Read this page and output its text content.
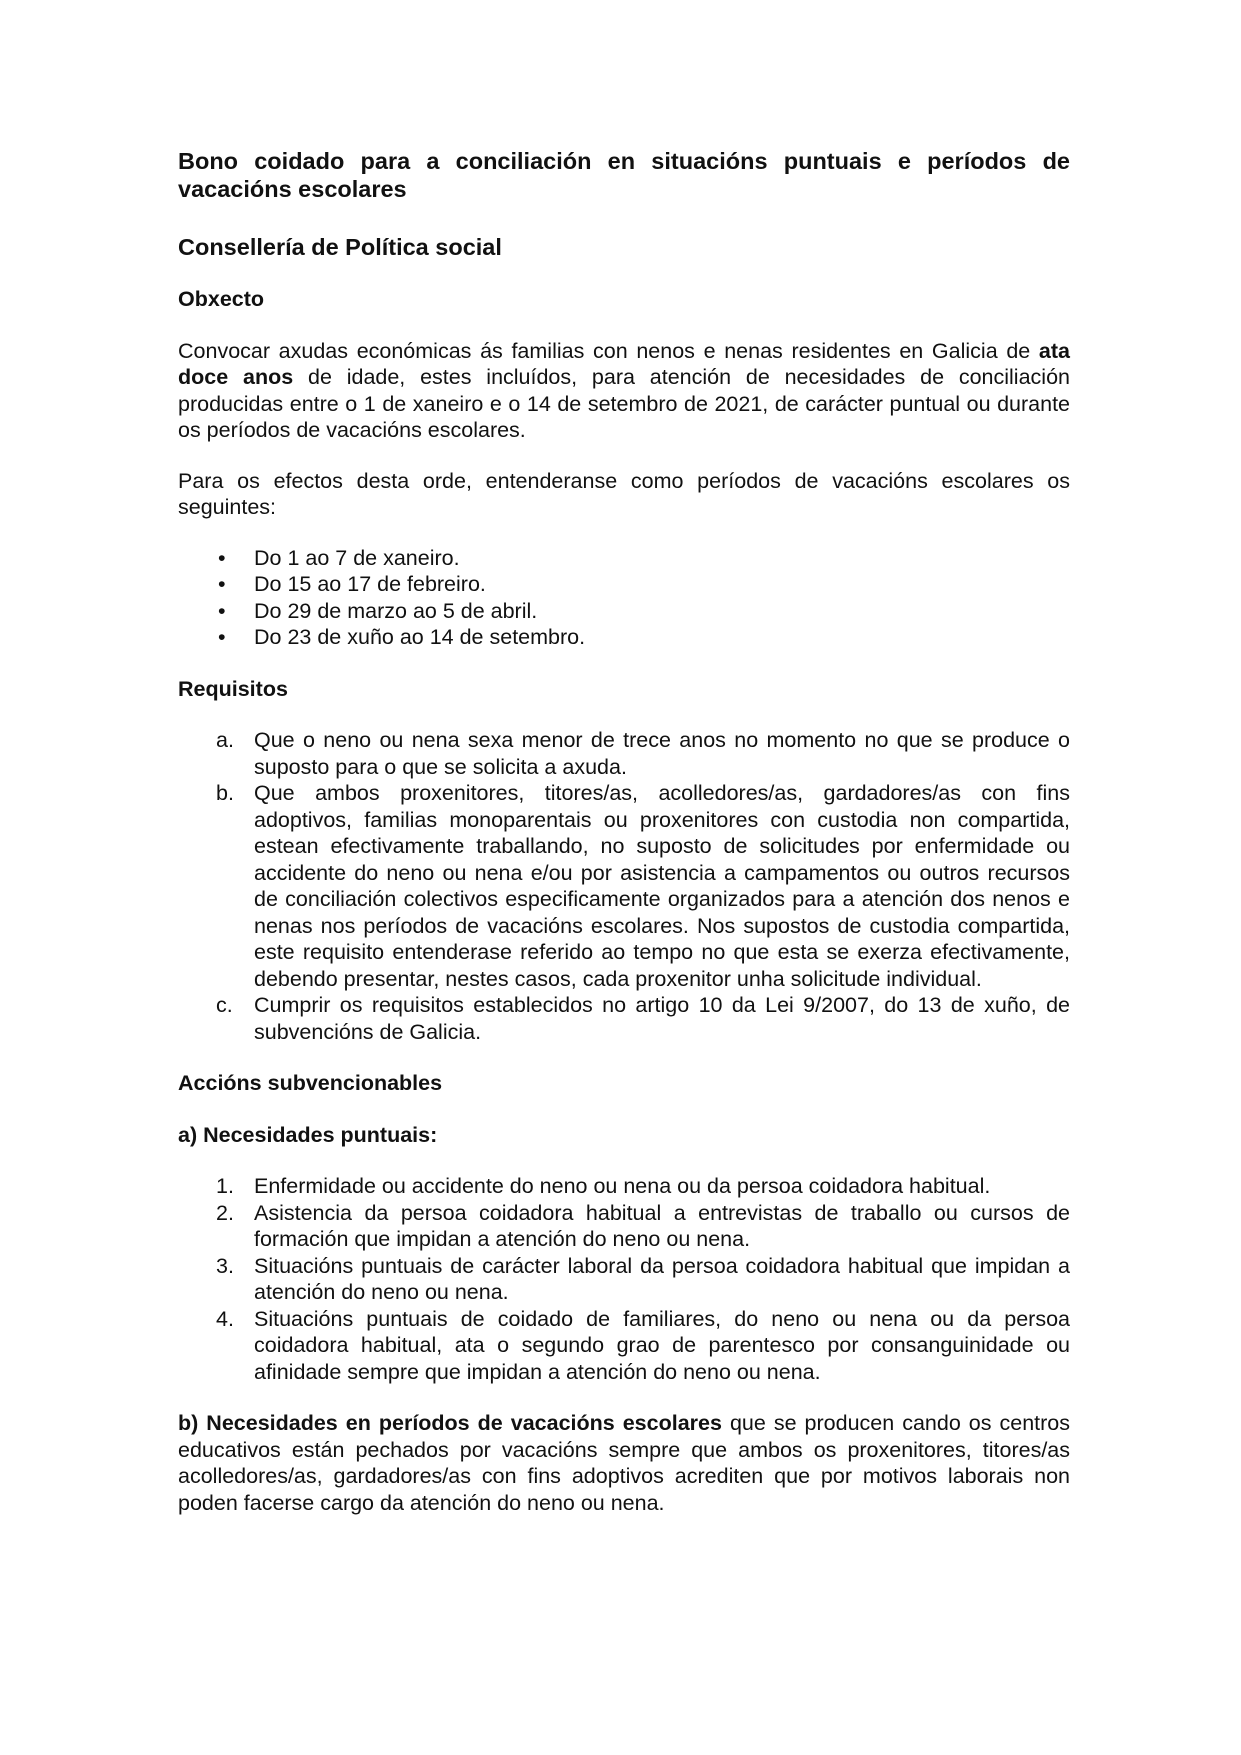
Bono coidado para a conciliación en situacións puntuais e períodos de vacacións escolares
Consellería de Política social
Obxecto

Convocar axudas económicas ás familias con nenos e nenas residentes en Galicia de ata doce anos de idade, estes incluídos, para atención de necesidades de conciliación producidas entre o 1 de xaneiro e o 14 de setembro de 2021, de carácter puntual ou durante os períodos de vacacións escolares.

Para os efectos desta orde, entenderanse como períodos de vacacións escolares os seguintes:

• Do 1 ao 7 de xaneiro.
• Do 15 ao 17 de febreiro.
• Do 29 de marzo ao 5 de abril.
• Do 23 de xuño ao 14 de setembro.
Requisitos
a. Que o neno ou nena sexa menor de trece anos no momento no que se produce o suposto para o que se solicita a axuda.
b. Que ambos proxenitores, titores/as, acolledores/as, gardadores/as con fins adoptivos, familias monoparentais ou proxenitores con custodia non compartida, estean efectivamente traballando, no suposto de solicitudes por enfermidade ou accidente do neno ou nena e/ou por asistencia a campamentos ou outros recursos de conciliación colectivos especificamente organizados para a atención dos nenos e nenas nos períodos de vacacións escolares. Nos supostos de custodia compartida, este requisito entenderase referido ao tempo no que esta se exerza efectivamente, debendo presentar, nestes casos, cada proxenitor unha solicitude individual.
c. Cumprir os requisitos establecidos no artigo 10 da Lei 9/2007, do 13 de xuño, de subvencións de Galicia.
Accións subvencionables
a) Necesidades puntuais:
1. Enfermidade ou accidente do neno ou nena ou da persoa coidadora habitual.
2. Asistencia da persoa coidadora habitual a entrevistas de traballo ou cursos de formación que impidan a atención do neno ou nena.
3. Situacións puntuais de carácter laboral da persoa coidadora habitual que impidan a atención do neno ou nena.
4. Situacións puntuais de coidado de familiares, do neno ou nena ou da persoa coidadora habitual, ata o segundo grao de parentesco por consanguinidade ou afinidade sempre que impidan a atención do neno ou nena.

b) Necesidades en períodos de vacacións escolares que se producen cando os centros educativos están pechados por vacacións sempre que ambos os proxenitores, titores/as acolledores/as, gardadores/as con fins adoptivos acrediten que por motivos laborais non poden facerse cargo da atención do neno ou nena.
